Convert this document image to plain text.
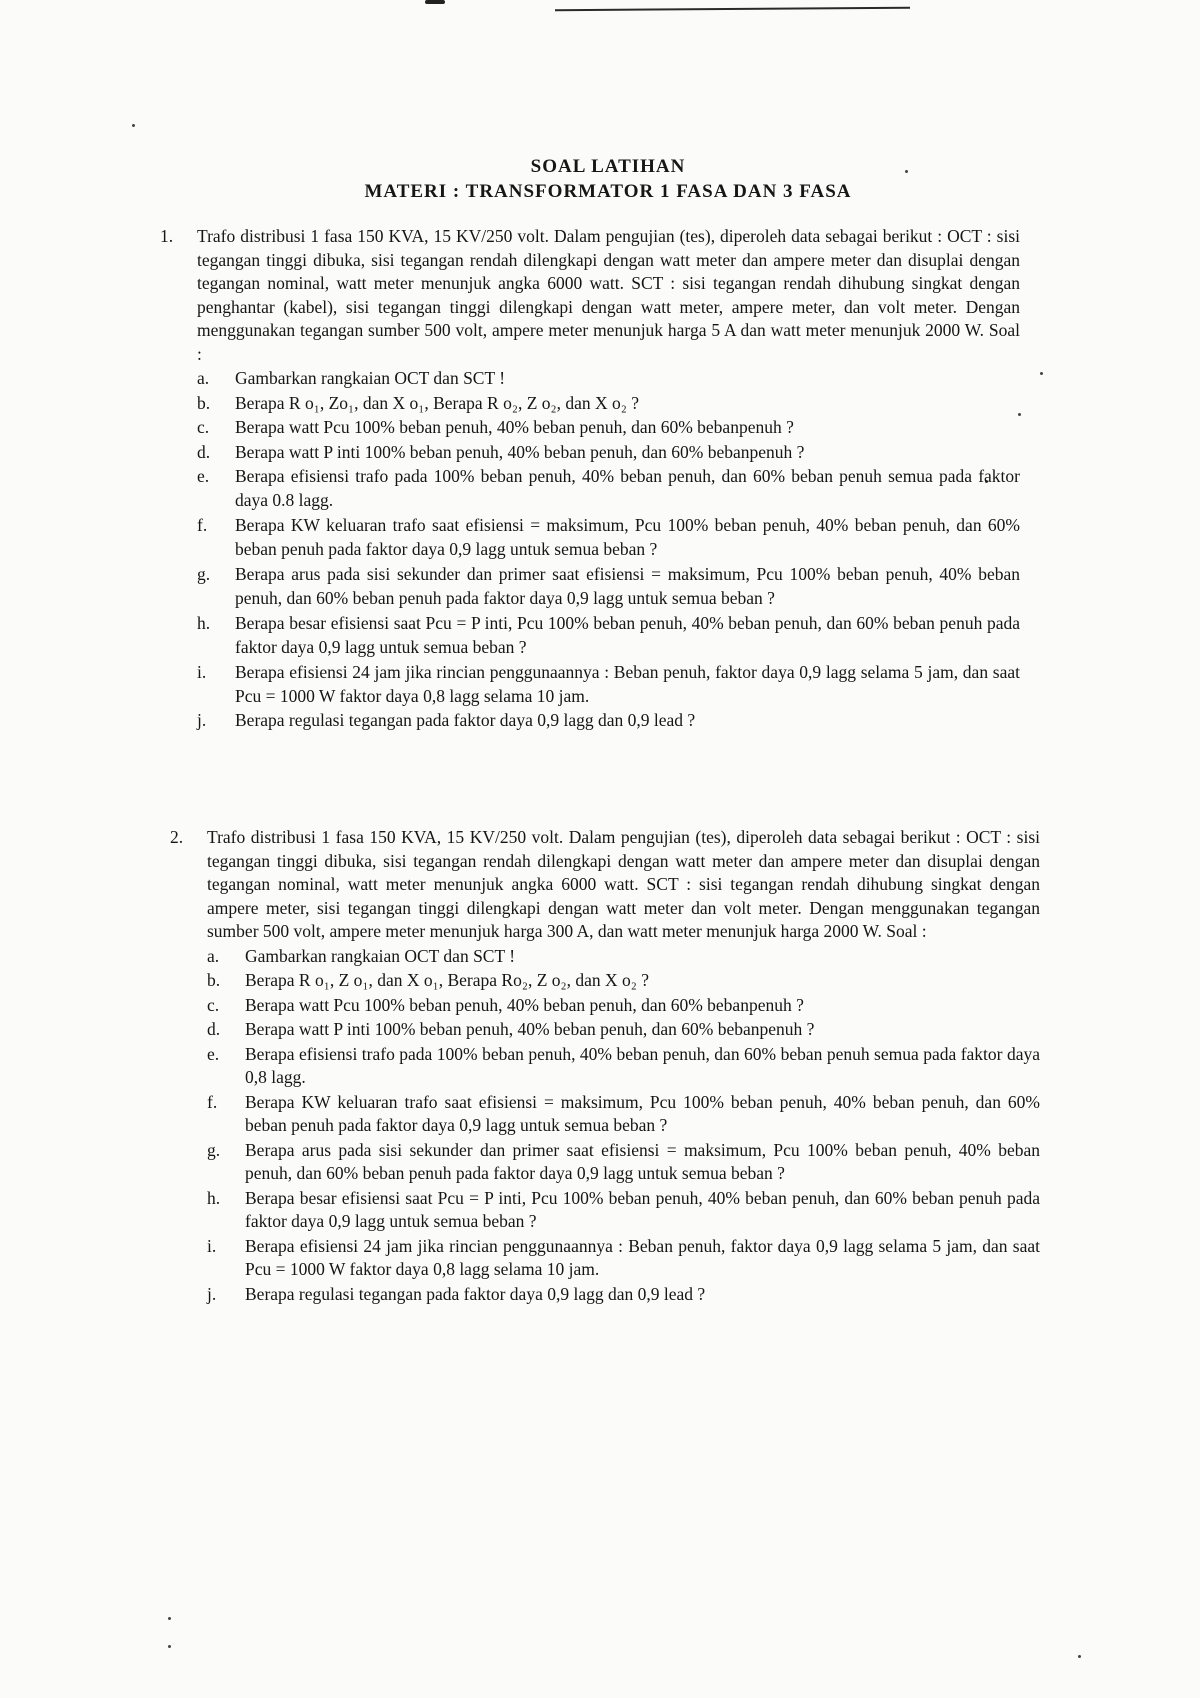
SOAL LATIHAN
MATERI : TRANSFORMATOR 1 FASA DAN 3 FASA
1. Trafo distribusi 1 fasa 150 KVA, 15 KV/250 volt. Dalam pengujian (tes), diperoleh data sebagai berikut : OCT : sisi tegangan tinggi dibuka, sisi tegangan rendah dilengkapi dengan watt meter dan ampere meter dan disuplai dengan tegangan nominal, watt meter menunjuk angka 6000 watt. SCT : sisi tegangan rendah dihubung singkat dengan penghantar (kabel), sisi tegangan tinggi dilengkapi dengan watt meter, ampere meter, dan volt meter. Dengan menggunakan tegangan sumber 500 volt, ampere meter menunjuk harga 5 A dan watt meter menunjuk 2000 W. Soal :
a.	Gambarkan rangkaian OCT dan SCT !
b.	Berapa R o₁, Zo₁, dan X o₁, Berapa R o₂, Z o₂, dan X o₂ ?
c.	Berapa watt Pcu 100% beban penuh, 40% beban penuh, dan 60% bebanpenuh ?
d.	Berapa watt P inti 100% beban penuh, 40% beban penuh, dan 60% bebanpenuh ?
e.	Berapa efisiensi trafo pada 100% beban penuh, 40% beban penuh, dan 60% beban penuh semua pada faktor daya 0.8 lagg.
f.	Berapa KW keluaran trafo saat efisiensi = maksimum, Pcu 100% beban penuh, 40% beban penuh, dan 60% beban penuh pada faktor daya 0,9 lagg untuk semua beban ?
g.	Berapa arus pada sisi sekunder dan primer saat efisiensi = maksimum, Pcu 100% beban penuh, 40% beban penuh, dan 60% beban penuh pada faktor daya 0,9 lagg untuk semua beban ?
h.	Berapa besar efisiensi saat Pcu = P inti, Pcu 100% beban penuh, 40% beban penuh, dan 60% beban penuh pada faktor daya 0,9 lagg untuk semua beban ?
i.	Berapa efisiensi 24 jam jika rincian penggunaannya : Beban penuh, faktor daya 0,9 lagg selama 5 jam, dan saat Pcu = 1000 W faktor daya 0,8 lagg selama 10 jam.
j.	Berapa regulasi tegangan pada faktor daya 0,9 lagg dan 0,9 lead ?
2. Trafo distribusi 1 fasa 150 KVA, 15 KV/250 volt. Dalam pengujian (tes), diperoleh data sebagai berikut : OCT : sisi tegangan tinggi dibuka, sisi tegangan rendah dilengkapi dengan watt meter dan ampere meter dan disuplai dengan tegangan nominal, watt meter menunjuk angka 6000 watt. SCT : sisi tegangan rendah dihubung singkat dengan ampere meter, sisi tegangan tinggi dilengkapi dengan watt meter dan volt meter. Dengan menggunakan tegangan sumber 500 volt, ampere meter menunjuk harga 300 A, dan watt meter menunjuk harga 2000 W. Soal :
a.	Gambarkan rangkaian OCT dan SCT !
b.	Berapa R o₁, Z o₁, dan X o₁, Berapa Ro₂, Z o₂, dan X o₂ ?
c.	Berapa watt Pcu 100% beban penuh, 40% beban penuh, dan 60% bebanpenuh ?
d.	Berapa watt P inti 100% beban penuh, 40% beban penuh, dan 60% bebanpenuh ?
e.	Berapa efisiensi trafo pada 100% beban penuh, 40% beban penuh, dan 60% beban penuh semua pada faktor daya 0,8 lagg.
f.	Berapa KW keluaran trafo saat efisiensi = maksimum, Pcu 100% beban penuh, 40% beban penuh, dan 60% beban penuh pada faktor daya 0,9 lagg untuk semua beban ?
g.	Berapa arus pada sisi sekunder dan primer saat efisiensi = maksimum, Pcu 100% beban penuh, 40% beban penuh, dan 60% beban penuh pada faktor daya 0,9 lagg untuk semua beban ?
h.	Berapa besar efisiensi saat Pcu = P inti, Pcu 100% beban penuh, 40% beban penuh, dan 60% beban penuh pada faktor daya 0,9 lagg untuk semua beban ?
i.	Berapa efisiensi 24 jam jika rincian penggunaannya : Beban penuh, faktor daya 0,9 lagg selama 5 jam, dan saat Pcu = 1000 W faktor daya 0,8 lagg selama 10 jam.
j.	Berapa regulasi tegangan pada faktor daya 0,9 lagg dan 0,9 lead ?
